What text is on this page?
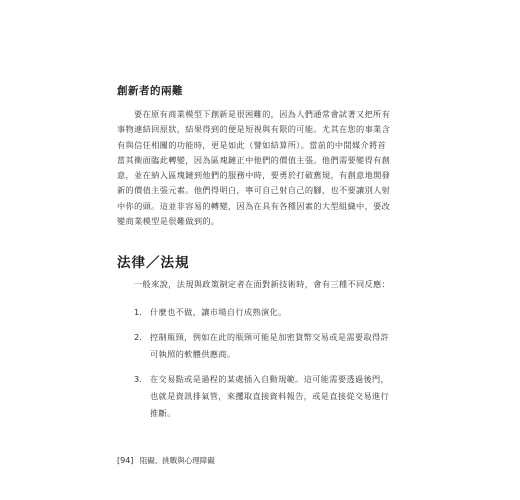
創新者的兩難

要在原有商業模型下創新是很困難的，因為人們通常會試著又把所有
事物連結回原狀，結果得到的便是短視與有限的可能。尤其在您的事業含
有與信任相關的功能時，更是如此（譬如結算所）。當前的中間媒介將首
當其衝面臨此轉變，因為區塊鏈正中他們的價值主張。他們需要變得有創
意，並在納入區塊鏈到他們的服務中時，要勇於打破舊規，有創意地開發
新的價值主張元素。他們得明白，寧可自己射自己的腳，也不要讓別人射
中你的頭。這並非容易的轉變，因為在具有各種因素的大型組織中，要改
變商業模型是很難做到的。

法律／法規
一般來說，法規與政策制定者在面對新技術時，會有三種不同反應：
1. 什麼也不做，讓市場自行成熟演化。
2. 控制瓶頸，例如在此的瓶頸可能是加密貨幣交易或是需要取得許
可執照的軟體供應商。
3. 在交易點或是過程的某處插入自動規範。這可能需要透過後門，
也就是資訊排氣管，來攫取直接資料報告，或是直接從交易進行
推斷。
[94] 阻礙、挑戰與心理障礙
